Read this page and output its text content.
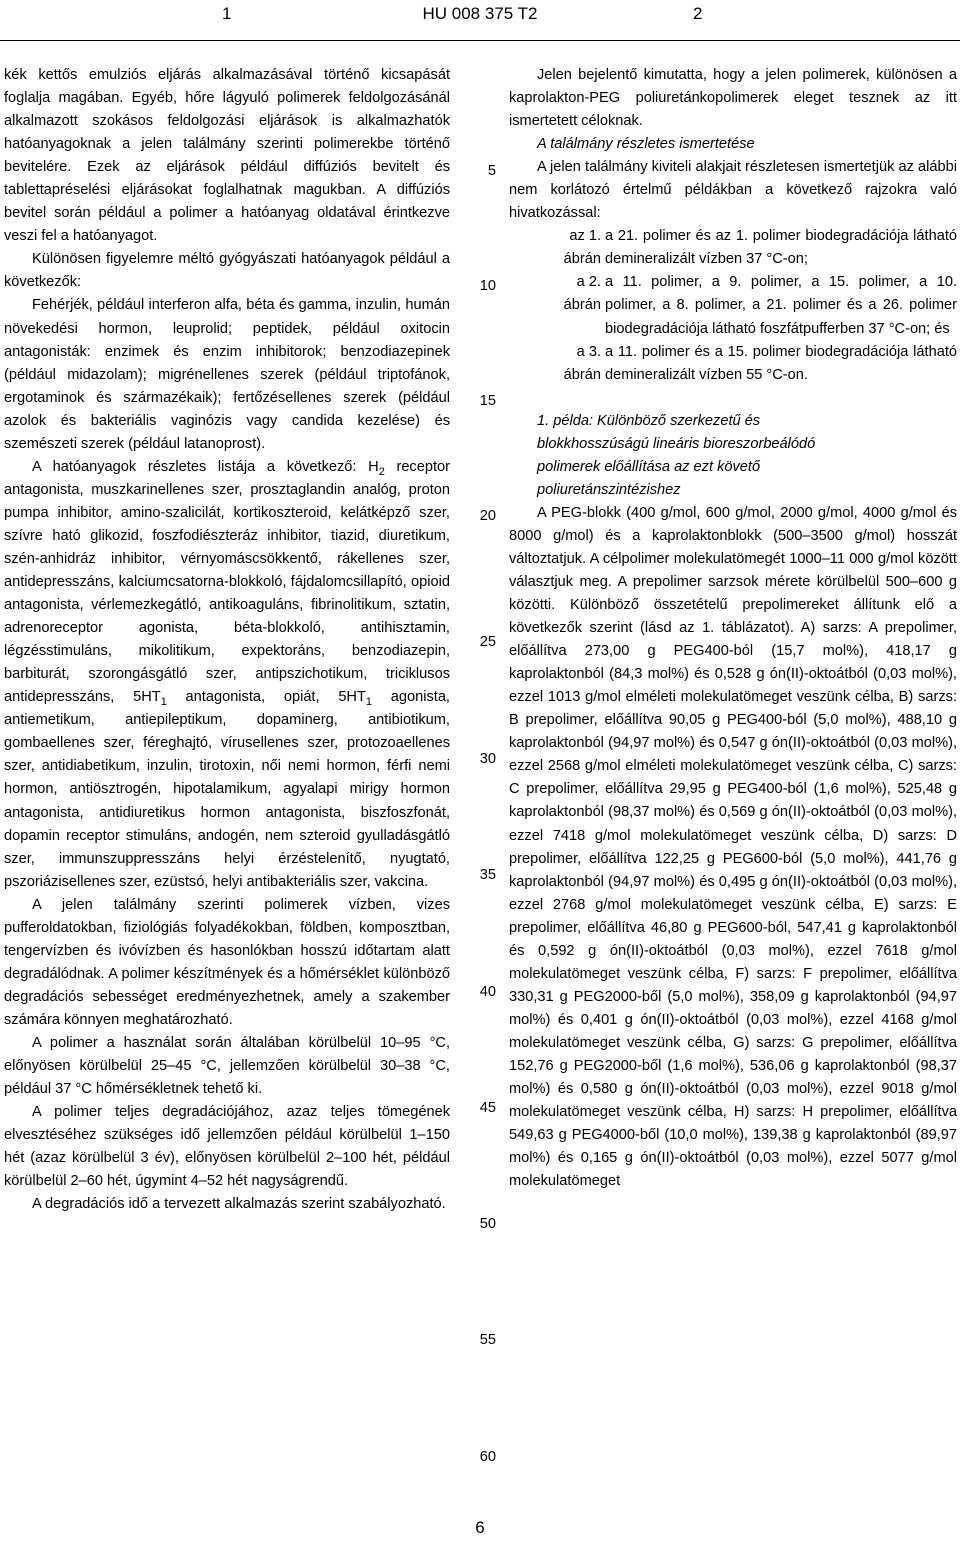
1	HU 008 375 T2	2

kék kettős emulziós eljárás alkalmazásával történő kicsapását foglalja magában. Egyéb, hőre lágyuló polimerek feldolgozásánál alkalmazott szokásos feldolgozási eljárások is alkalmazhatók hatóanyagoknak a jelen találmány szerinti polimerekbe történő bevitelére. Ezek az eljárások például diffúziós bevitelt és tablettapréselési eljárásokat foglalhatnak magukban. A diffúziós bevitel során például a polimer a hatóanyag oldatával érintkezve veszi fel a hatóanyagot.

Különösen figyelemre méltó gyógyászati hatóanyagok például a következők:

Fehérjék, például interferon alfa, béta és gamma, inzulin, humán növekedési hormon, leuprolid; peptidek, például oxitocin antagonisták: enzimek és enzim inhibitorok; benzodiazepinek (például midazolam); migrénellenes szerek (például triptofánok, ergotaminok és származékaik); fertőzésellenes szerek (például azolok és bakteriális vaginózis vagy candida kezelése) és szemészeti szerek (például latanoprost).

A hatóanyagok részletes listája a következő: $H_2$ receptor antagonista, muszkarinellenes szer, prosztaglandin analóg, proton pumpa inhibitor, amino-szalicilát, kortikoszteroid, kelátképző szer, szívre ható glikozid, foszfodiészteráz inhibitor, tiazid, diuretikum, szén-anhidráz inhibitor, vérnyomáscsökkentő, rákellenes szer, antidepresszáns, kalciumcsatorna-blokkoló, fájdalomcsillapító, opioid antagonista, vérlemezkegátló, antikoaguláns, fibrinolitikum, sztatin, adrenoreceptor agonista, béta-blokkoló, antihisztamin, légzésstimuláns, mikolitikum, expektoráns, benzodiazepin, barbiturát, szorongásgátló szer, antipszichotikum, triciklusos antidepresszáns, $5HT_1$ antagonista, opiát, $5HT_1$ agonista, antiemetikum, antiepileptikum, dopaminerg, antibiotikum, gombaellenes szer, féreghajtó, vírusellenes szer, protozoaellenes szer, antidiabetikum, inzulin, tirotoxin, női nemi hormon, férfi nemi hormon, antiösztrogén, hipotalamikum, agyalapi mirigy hormon antagonista, antidiuretikus hormon antagonista, biszfoszfonát, dopamin receptor stimuláns, andogén, nem szteroid gyulladásgátló szer, immunszuppresszáns helyi érzéstelenítő, nyugtató, pszoriázisellenes szer, ezüstsó, helyi antibakteriális szer, vakcina.

A jelen találmány szerinti polimerek vízben, vizes pufferoldatokban, fiziológiás folyadékokban, földben, komposztban, tengervízben és ivóvízben és hasonlókban hosszú időtartam alatt degradálódnak. A polimer készítmények és a hőmérséklet különböző degradációs sebességet eredményezhetnek, amely a szakember számára könnyen meghatározható.

A polimer a használat során általában körülbelül 10–95 °C, előnyösen körülbelül 25–45 °C, jellemzően körülbelül 30–38 °C, például 37 °C hőmérsékletnek tehető ki.

A polimer teljes degradációjához, azaz teljes tömegének elvesztéséhez szükséges idő jellemzően például körülbelül 1–150 hét (azaz körülbelül 3 év), előnyösen körülbelül 2–100 hét, például körülbelül 2–60 hét, úgymint 4–52 hét nagyságrendű.

A degradációs idő a tervezett alkalmazás szerint szabályozható.

5
10
15
20
25
30
35
40
45
50
55
60

Jelen bejelentő kimutatta, hogy a jelen polimerek, különösen a kaprolakton-PEG poliuretánkopolimerek eleget tesznek az itt ismertetett céloknak.

A találmány részletes ismertetése

A jelen találmány kiviteli alakjait részletesen ismertetjük az alábbi nem korlátozó értelmű példákban a következő rajzokra való hivatkozással:

az 1. ábrán
a 21. polimer és az 1. polimer biodegradációja látható demineralizált vízben 37 °C-on;
a 2. ábrán
a 11. polimer, a 9. polimer, a 15. polimer, a 10. polimer, a 8. polimer, a 21. polimer és a 26. polimer biodegradációja látható foszfátpufferben 37 °C-on; és
a 3. ábrán
a 11. polimer és a 15. polimer biodegradációja látható demineralizált vízben 55 °C-on.
1. példa: Különböző szerkezetű és
blokkhosszúságú lineáris bioreszorbeálódó
polimerek előállítása az ezt követő
poliuretánszintézishez

A PEG-blokk (400 g/mol, 600 g/mol, 2000 g/mol, 4000 g/mol és 8000 g/mol) és a kaprolaktonblokk (500–3500 g/mol) hosszát változtatjuk. A célpolimer molekulatömegét 1000–11 000 g/mol között választjuk meg. A prepolimer sarzsok mérete körülbelül 500–600 g közötti. Különböző összetételű prepolimereket állítunk elő a következők szerint (lásd az 1. táblázatot). A) sarzs: A prepolimer, előállítva 273,00 g PEG400-ból (15,7 mol%), 418,17 g kaprolaktonból (84,3 mol%) és 0,528 g ón(II)-oktoátból (0,03 mol%), ezzel 1013 g/mol elméleti molekulatömeget veszünk célba, B) sarzs: B prepolimer, előállítva 90,05 g PEG400-ból (5,0 mol%), 488,10 g kaprolaktonból (94,97 mol%) és 0,547 g ón(II)-oktoátból (0,03 mol%), ezzel 2568 g/mol elméleti molekulatömeget veszünk célba, C) sarzs: C prepolimer, előállítva 29,95 g PEG400-ból (1,6 mol%), 525,48 g kaprolaktonból (98,37 mol%) és 0,569 g ón(II)-oktoátból (0,03 mol%), ezzel 7418 g/mol molekulatömeget veszünk célba, D) sarzs: D prepolimer, előállítva 122,25 g PEG600-ból (5,0 mol%), 441,76 g kaprolaktonból (94,97 mol%) és 0,495 g ón(II)-oktoátból (0,03 mol%), ezzel 2768 g/mol molekulatömeget veszünk célba, E) sarzs: E prepolimer, előállítva 46,80 g PEG600-ból, 547,41 g kaprolaktonból és 0,592 g ón(II)-oktoátból (0,03 mol%), ezzel 7618 g/mol molekulatömeget veszünk célba, F) sarzs: F prepolimer, előállítva 330,31 g PEG2000-ből (5,0 mol%), 358,09 g kaprolaktonból (94,97 mol%) és 0,401 g ón(II)-oktoátból (0,03 mol%), ezzel 4168 g/mol molekulatömeget veszünk célba, G) sarzs: G prepolimer, előállítva 152,76 g PEG2000-ből (1,6 mol%), 536,06 g kaprolaktonból (98,37 mol%) és 0,580 g ón(II)-oktoátból (0,03 mol%), ezzel 9018 g/mol molekulatömeget veszünk célba, H) sarzs: H prepolimer, előállítva 549,63 g PEG4000-ből (10,0 mol%), 139,38 g kaprolaktonból (89,97 mol%) és 0,165 g ón(II)-oktoátból (0,03 mol%), ezzel 5077 g/mol molekulatömeget

6
